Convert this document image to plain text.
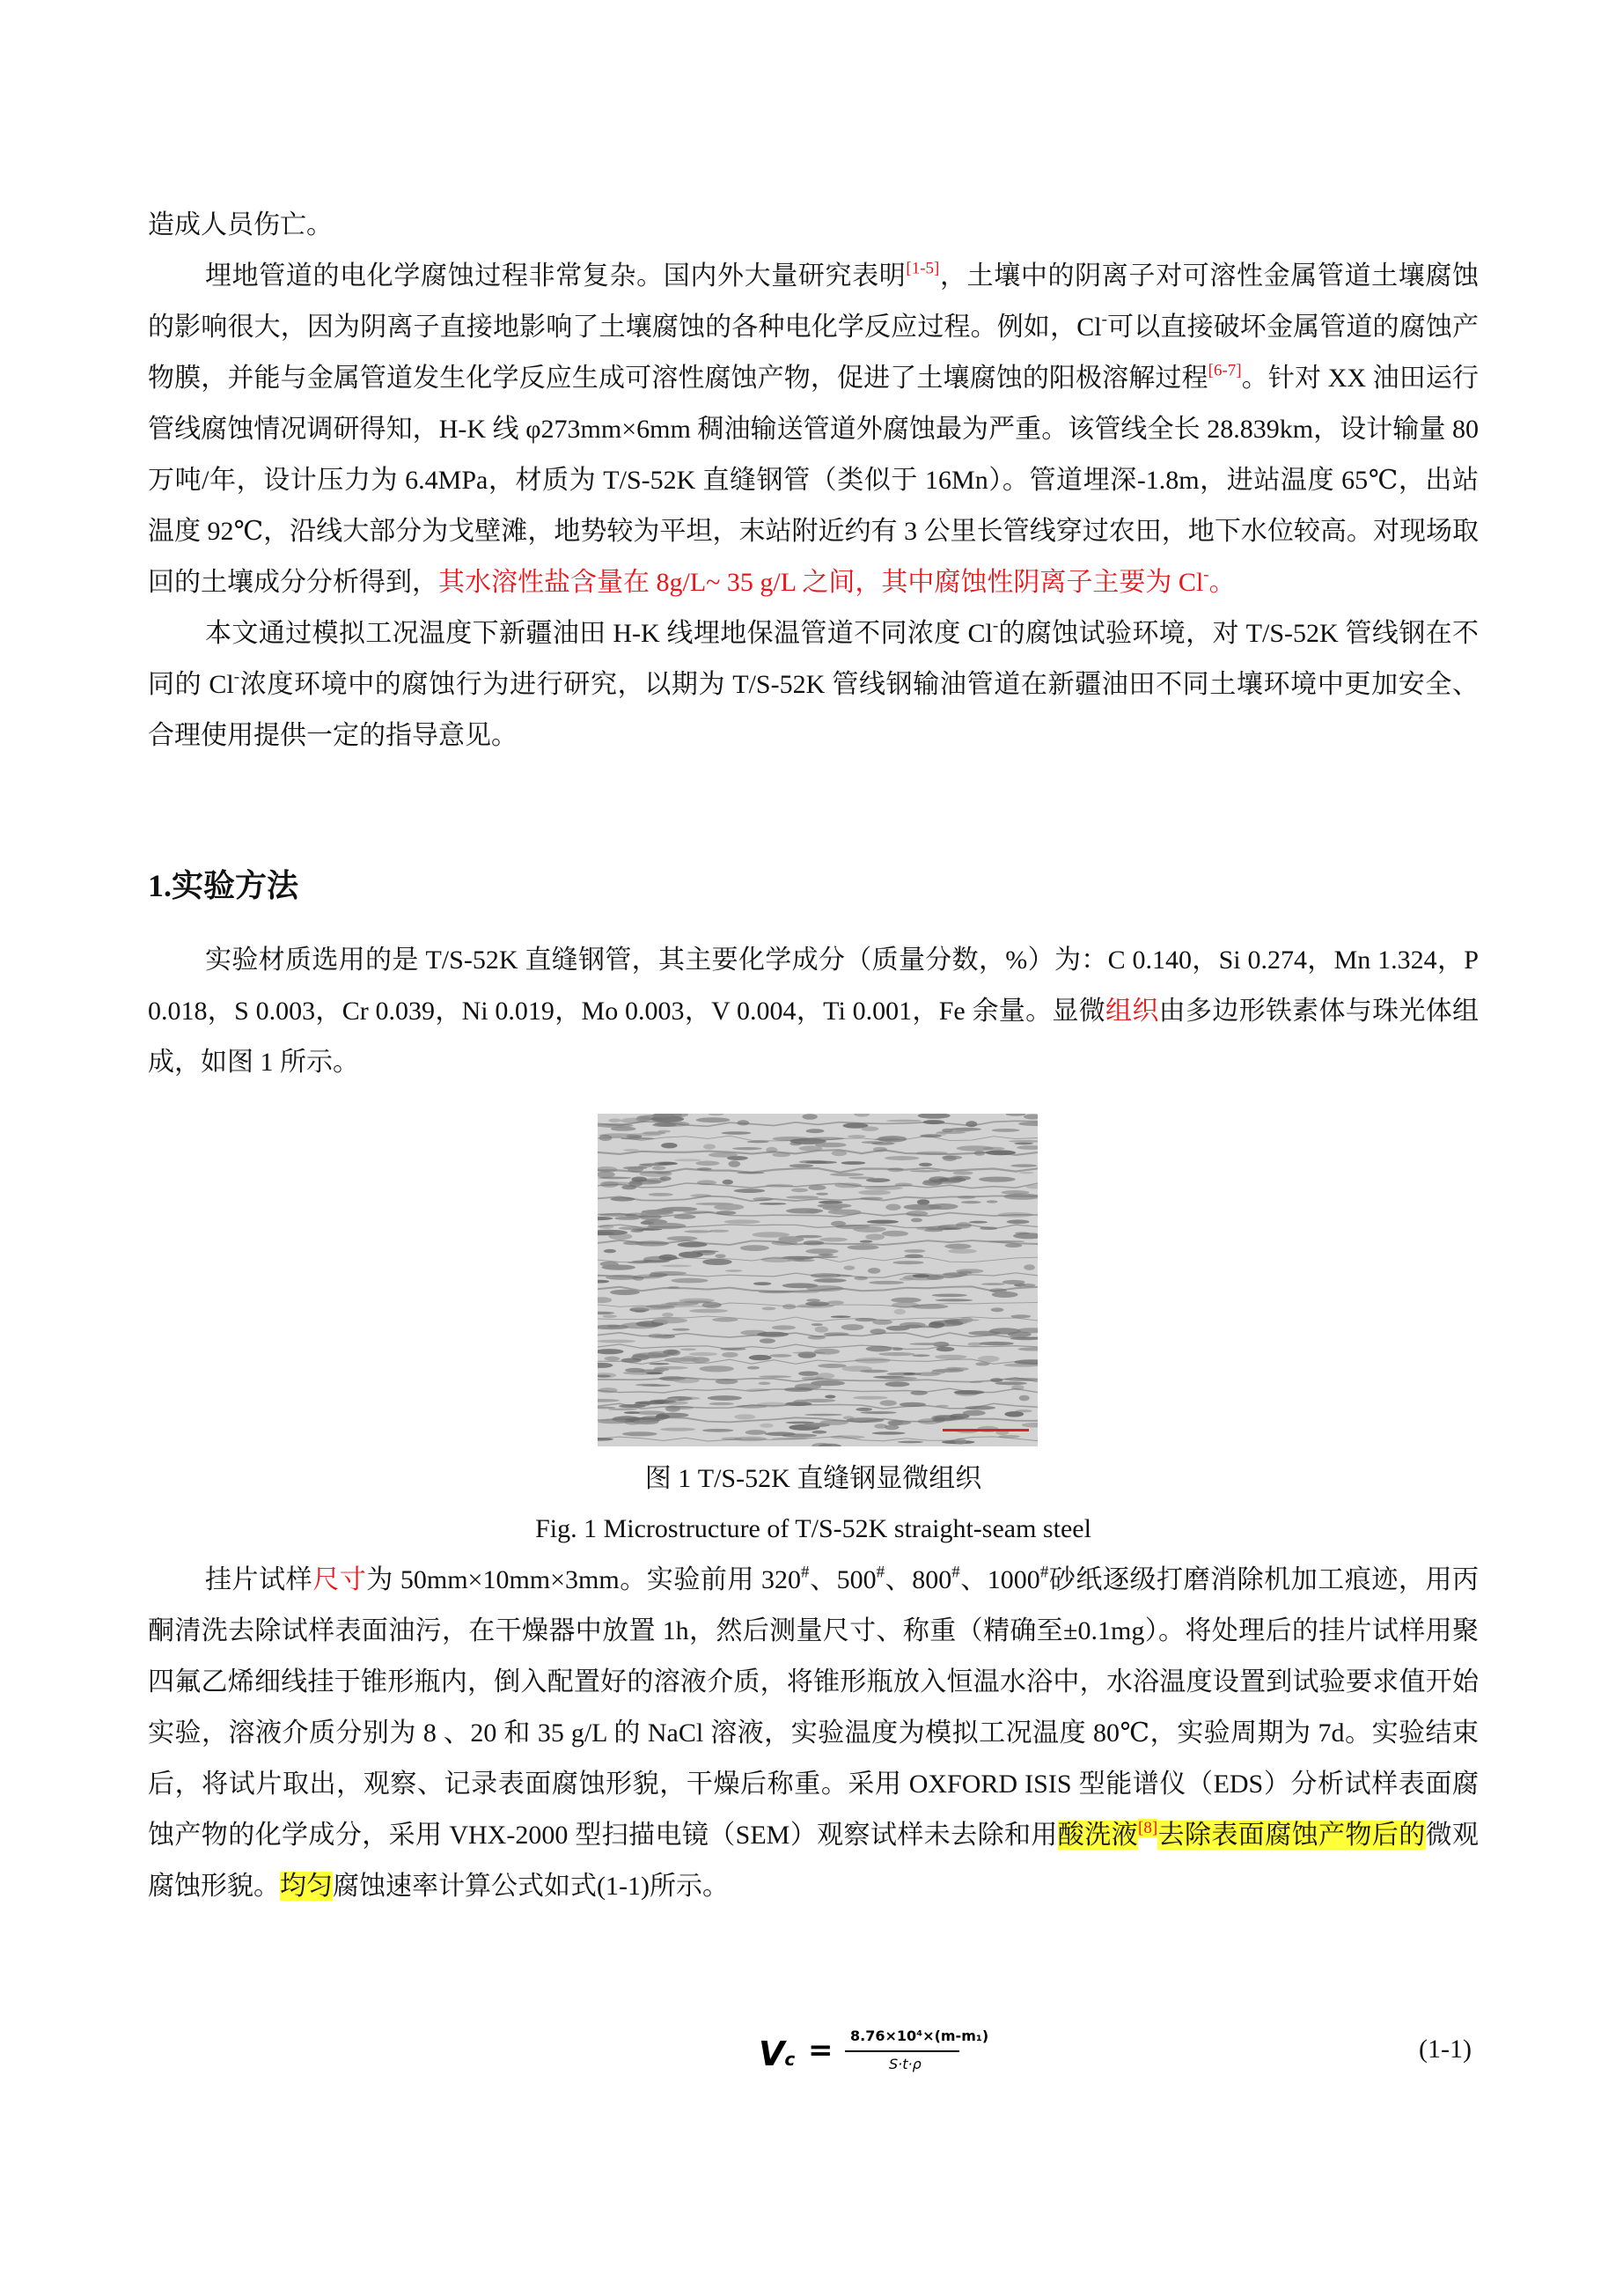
造成人员伤亡。

埋地管道的电化学腐蚀过程非常复杂。国内外大量研究表明[1-5]，土壤中的阴离子对可溶性金属管道土壤腐蚀的影响很大，因为阴离子直接地影响了土壤腐蚀的各种电化学反应过程。例如，Cl-可以直接破坏金属管道的腐蚀产物膜，并能与金属管道发生化学反应生成可溶性腐蚀产物，促进了土壤腐蚀的阳极溶解过程[6-7]。针对 XX 油田运行管线腐蚀情况调研得知，H-K 线 φ273mm×6mm 稠油输送管道外腐蚀最为严重。该管线全长 28.839km，设计输量 80 万吨/年，设计压力为 6.4MPa，材质为 T/S-52K 直缝钢管（类似于 16Mn）。管道埋深-1.8m，进站温度 65℃，出站温度 92℃，沿线大部分为戈壁滩，地势较为平坦，末站附近约有 3 公里长管线穿过农田，地下水位较高。对现场取回的土壤成分分析得到，其水溶性盐含量在 8g/L~ 35 g/L 之间，其中腐蚀性阴离子主要为 Cl-。

本文通过模拟工况温度下新疆油田 H-K 线埋地保温管道不同浓度 Cl-的腐蚀试验环境，对 T/S-52K 管线钢在不同的 Cl-浓度环境中的腐蚀行为进行研究，以期为 T/S-52K 管线钢输油管道在新疆油田不同土壤环境中更加安全、合理使用提供一定的指导意见。

1.实验方法

实验材质选用的是 T/S-52K 直缝钢管，其主要化学成分（质量分数，%）为：C 0.140，Si 0.274，Mn 1.324，P 0.018，S 0.003，Cr 0.039，Ni 0.019，Mo 0.003，V 0.004，Ti 0.001，Fe 余量。显微组织由多边形铁素体与珠光体组成，如图 1 所示。

图 1 T/S-52K 直缝钢显微组织

Fig. 1 Microstructure of T/S-52K straight-seam steel

挂片试样尺寸为 50mm×10mm×3mm。实验前用 320#、500#、800#、1000#砂纸逐级打磨消除机加工痕迹，用丙酮清洗去除试样表面油污，在干燥器中放置 1h，然后测量尺寸、称重（精确至±0.1mg）。将处理后的挂片试样用聚四氟乙烯细线挂于锥形瓶内，倒入配置好的溶液介质，将锥形瓶放入恒温水浴中，水浴温度设置到试验要求值开始实验，溶液介质分别为 8 、20 和 35 g/L 的 NaCl 溶液，实验温度为模拟工况温度 80℃，实验周期为 7d。实验结束后，将试片取出，观察、记录表面腐蚀形貌，干燥后称重。采用 OXFORD ISIS 型能谱仪（EDS）分析试样表面腐蚀产物的化学成分，采用 VHX-2000 型扫描电镜（SEM）观察试样未去除和用酸洗液[8]去除表面腐蚀产物后的微观腐蚀形貌。均匀腐蚀速率计算公式如式(1-1)所示。

Vc = 8.76×10⁴×(m-m₁)
S·t·ρ
(1-1)
